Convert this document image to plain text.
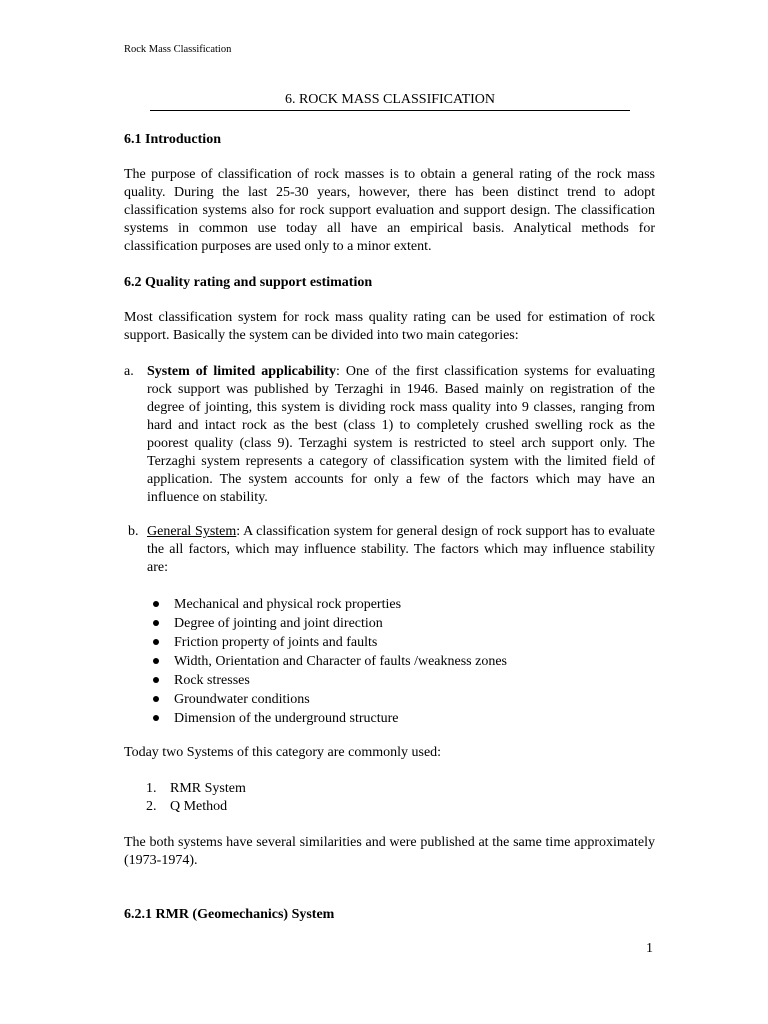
Rock Mass Classification
6. ROCK MASS CLASSIFICATION
6.1 Introduction
The purpose of classification of rock masses is to obtain a general rating of the rock mass quality. During the last 25-30 years, however, there has been distinct trend to adopt classification systems also for rock support evaluation and support design. The classification systems in common use today all have an empirical basis. Analytical methods for classification purposes are used only to a minor extent.
6.2 Quality rating and support estimation
Most classification system for rock mass quality rating can be used for estimation of rock support. Basically the system can be divided into two main categories:
a. System of limited applicability: One of the first classification systems for evaluating rock support was published by Terzaghi in 1946. Based mainly on registration of the degree of jointing, this system is dividing rock mass quality into 9 classes, ranging from hard and intact rock as the best (class 1) to completely crushed swelling rock as the poorest quality (class 9). Terzaghi system is restricted to steel arch support only. The Terzaghi system represents a category of classification system with the limited field of application. The system accounts for only a few of the factors which may have an influence on stability.
b. General System: A classification system for general design of rock support has to evaluate the all factors, which may influence stability. The factors which may influence stability are:
Mechanical and physical rock properties
Degree of jointing and joint direction
Friction property of joints and faults
Width, Orientation and Character of faults /weakness zones
Rock stresses
Groundwater conditions
Dimension of the underground structure
Today two Systems of this category are commonly used:
1. RMR System
2. Q Method
The both systems have several similarities and were published at the same time approximately (1973-1974).
6.2.1 RMR (Geomechanics) System
1
